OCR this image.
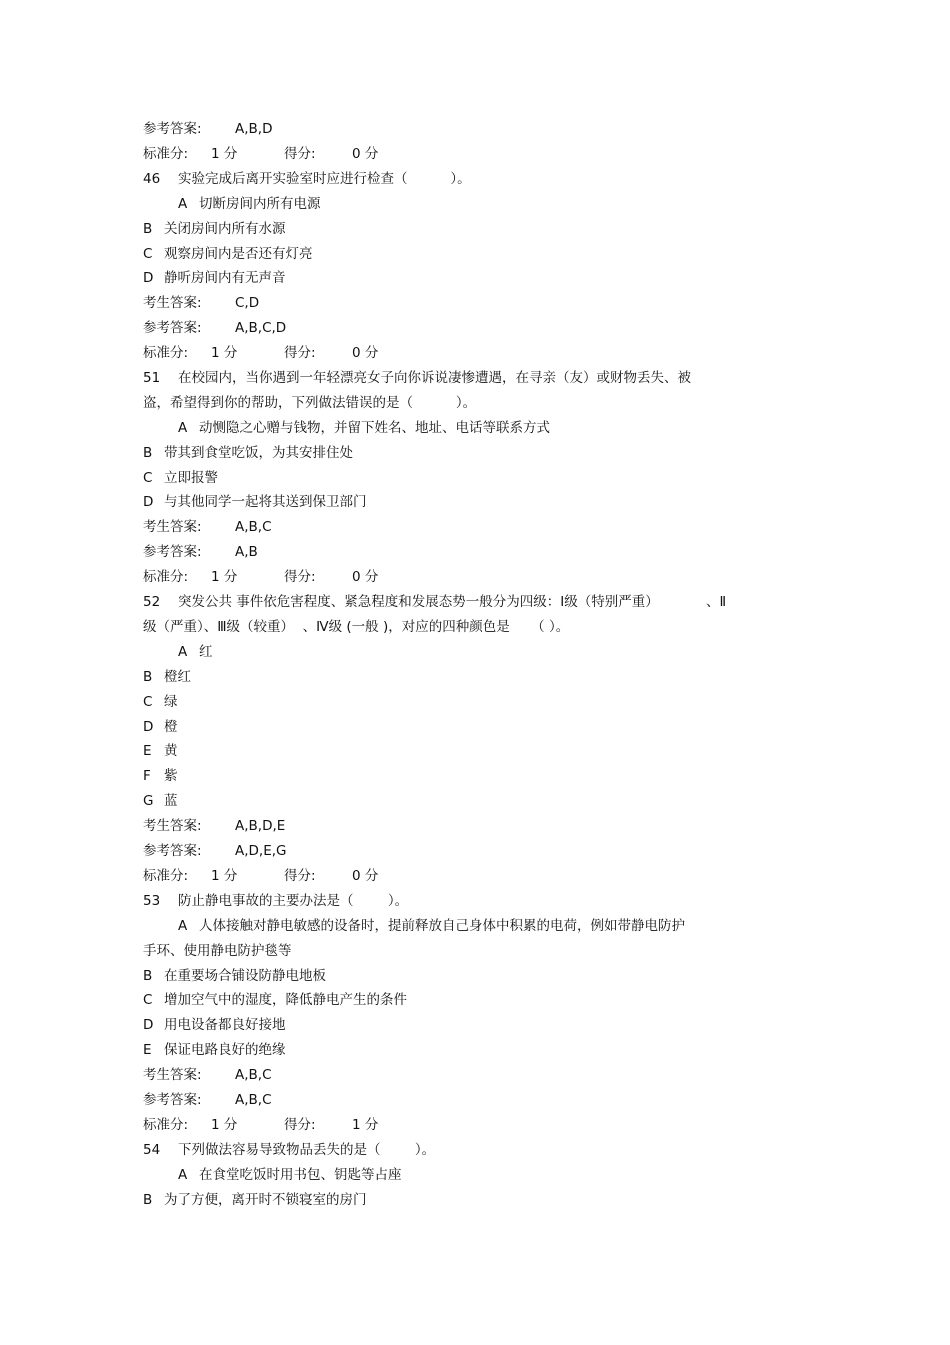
参考答案: A,B,D
标准分: 1 分	得分:	0 分
46 实验完成后离开实验室时应进行检查（          ）。
A 切断房间内所有电源
B 关闭房间内所有水源
C 观察房间内是否还有灯亮
D 静听房间内有无声音
考生答案: C,D
参考答案: A,B,C,D
标准分: 1 分	得分:	0 分
51 在校园内，当你遇到一年轻漂亮女子向你诉说凄惨遭遇，在寻亲（友）或财物丢失、被
盗，希望得到你的帮助，下列做法错误的是（          ）。
A 动恻隐之心赠与钱物，并留下姓名、地址、电话等联系方式
B 带其到食堂吃饭，为其安排住处
C 立即报警
D 与其他同学一起将其送到保卫部门
考生答案: A,B,C
参考答案: A,B
标准分: 1 分	得分:	0 分
52 突发公共 事件依危害程度、紧急程度和发展态势一般分为四级：Ⅰ级（特别严重）           、Ⅱ
级（严重）、Ⅲ级（较重）  、Ⅳ级 (一般 )，对应的四种颜色是     （ ）。
A 红
B 橙红
C 绿
D 橙
E 黄
F 紫
G 蓝
考生答案: A,B,D,E
参考答案: A,D,E,G
标准分: 1 分	得分:	0 分
53 防止静电事故的主要办法是（        ）。
A 人体接触对静电敏感的设备时，提前释放自己身体中积累的电荷，例如带静电防护
手环、使用静电防护毯等
B 在重要场合铺设防静电地板
C 增加空气中的湿度，降低静电产生的条件
D 用电设备都良好接地
E 保证电路良好的绝缘
考生答案: A,B,C
参考答案: A,B,C
标准分: 1 分	得分:	1 分
54 下列做法容易导致物品丢失的是（        ）。
A 在食堂吃饭时用书包、钥匙等占座
B 为了方便，离开时不锁寝室的房门
